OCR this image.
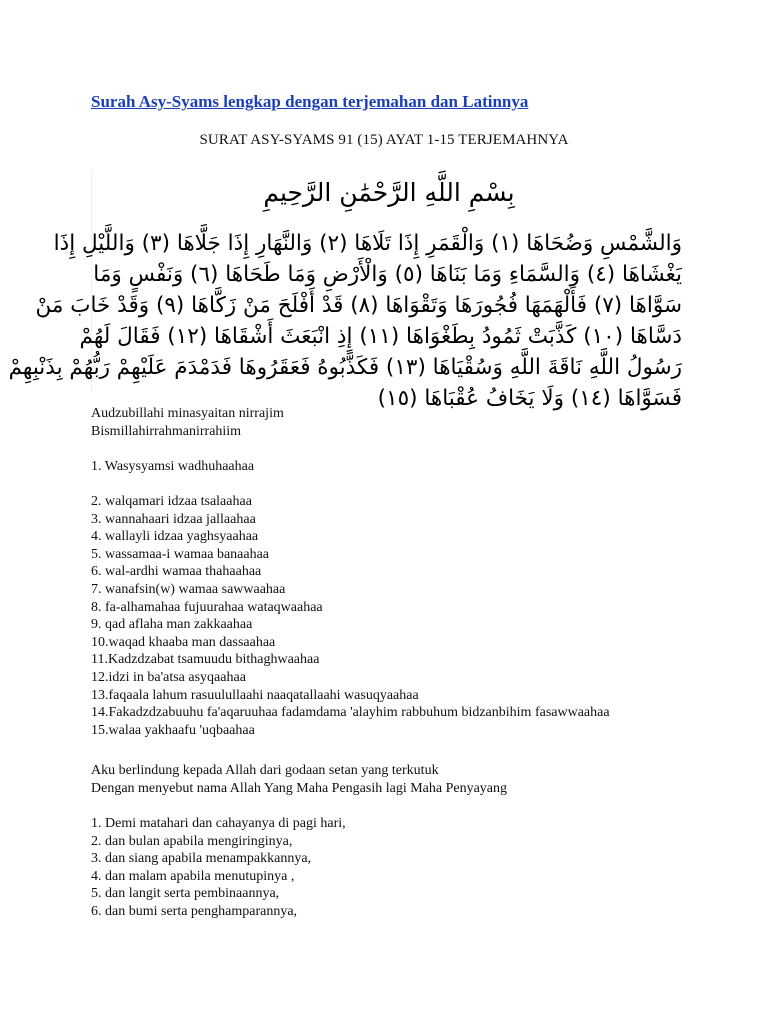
Surah Asy-Syams lengkap dengan terjemahan dan Latinnya
SURAT ASY-SYAMS 91 (15) AYAT 1-15 TERJEMAHNYA
بِسْمِ اللَّهِ الرَّحْمَٰنِ الرَّحِيمِ
وَالشَّمْسِ وَضُحَاهَا (١) وَالْقَمَرِ إِذَا تَلَاهَا (٢) وَالنَّهَارِ إِذَا جَلَّاهَا (٣) وَاللَّيْلِ إِذَا
يَغْشَاهَا (٤) وَالسَّمَاءِ وَمَا بَنَاهَا (٥) وَالْأَرْضِ وَمَا طَحَاهَا (٦) وَنَفْسٍ وَمَا
سَوَّاهَا (٧) فَأَلْهَمَهَا فُجُورَهَا وَتَقْوَاهَا (٨) قَدْ أَفْلَحَ مَنْ زَكَّاهَا (٩) وَقَدْ خَابَ مَنْ
دَسَّاهَا (١٠) كَذَّبَتْ ثَمُودُ بِطَغْوَاهَا (١١) إِذِ انْبَعَثَ أَشْقَاهَا (١٢) فَقَالَ لَهُمْ
رَسُولُ اللَّهِ نَاقَةَ اللَّهِ وَسُقْيَاهَا (١٣) فَكَذَّبُوهُ فَعَقَرُوهَا فَدَمْدَمَ عَلَيْهِمْ رَبُّهُمْ بِذَنْبِهِمْ
فَسَوَّاهَا (١٤) وَلَا يَخَافُ عُقْبَاهَا (١٥)

Audzubillahi minasyaitan nirrajim

Bismillahirrahmanirrahiim

1. Wasysyamsi wadhuhaahaa

2. walqamari idzaa tsalaahaa

3. wannahaari idzaa jallaahaa

4. wallayli idzaa yaghsyaahaa

5. wassamaa-i wamaa banaahaa

6. wal-ardhi wamaa thahaahaa

7. wanafsin(w) wamaa sawwaahaa

8. fa-alhamahaa fujuurahaa wataqwaahaa

9. qad aflaha man zakkaahaa

10.waqad khaaba man dassaahaa

11.Kadzdzabat tsamuudu bithaghwaahaa

12.idzi in ba'atsa asyqaahaa

13.faqaala lahum rasuulullaahi naaqatallaahi wasuqyaahaa

14.Fakadzdzabuuhu fa'aqaruuhaa fadamdama 'alayhim rabbuhum bidzanbihim fasawwaahaa

15.walaa yakhaafu 'uqbaahaa

Aku berlindung kepada Allah dari godaan setan yang terkutuk

Dengan menyebut nama Allah Yang Maha Pengasih lagi Maha Penyayang

1. Demi matahari dan cahayanya di pagi hari,

2. dan bulan apabila mengiringinya,

3. dan siang apabila menampakkannya,

4. dan malam apabila menutupinya ,

5. dan langit serta pembinaannya,

6. dan bumi serta penghamparannya,
